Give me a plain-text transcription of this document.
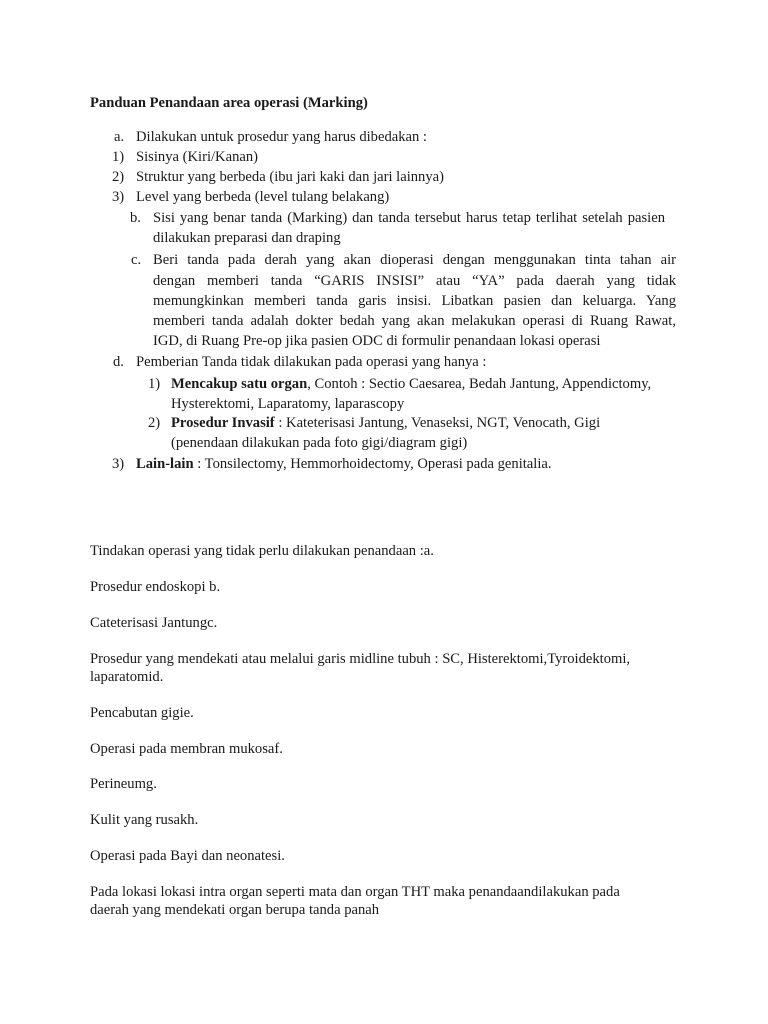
Panduan Penandaan area operasi (Marking)
a. Dilakukan untuk prosedur yang harus dibedakan :
1) Sisinya (Kiri/Kanan)
2) Struktur yang berbeda (ibu jari kaki dan jari lainnya)
3) Level yang berbeda (level tulang belakang)
b. Sisi yang benar tanda (Marking) dan tanda tersebut harus tetap terlihat setelah pasien
dilakukan preparasi dan draping
c. Beri tanda pada derah yang akan dioperasi dengan menggunakan tinta tahan air
dengan memberi tanda “GARIS INSISI” atau “YA” pada daerah yang tidak
memungkinkan memberi tanda garis insisi. Libatkan pasien dan keluarga. Yang
memberi tanda adalah dokter bedah yang akan melakukan operasi di Ruang Rawat,
IGD, di Ruang Pre-op jika pasien ODC di formulir penandaan lokasi operasi
d. Pemberian Tanda tidak dilakukan pada operasi yang hanya :
1) Mencakup satu organ, Contoh : Sectio Caesarea, Bedah Jantung, Appendictomy,
Hysterektomi, Laparatomy, laparascopy
2) Prosedur Invasif : Kateterisasi Jantung, Venaseksi, NGT, Venocath, Gigi
(penendaan dilakukan pada foto gigi/diagram gigi)
3) Lain-lain : Tonsilectomy, Hemmorhoidectomy, Operasi pada genitalia.
Tindakan operasi yang tidak perlu dilakukan penandaan :a.
Prosedur endoskopi b.
Cateterisasi Jantungc.
Prosedur yang mendekati atau melalui garis midline tubuh : SC, Histerektomi,Tyroidektomi,
laparatomid.
Pencabutan gigie.
Operasi pada membran mukosaf.
Perineumg.
Kulit yang rusakh.
Operasi pada Bayi dan neonatesi.
Pada lokasi lokasi intra organ seperti mata dan organ THT maka penandaandilakukan pada
daerah yang mendekati organ berupa tanda panah
